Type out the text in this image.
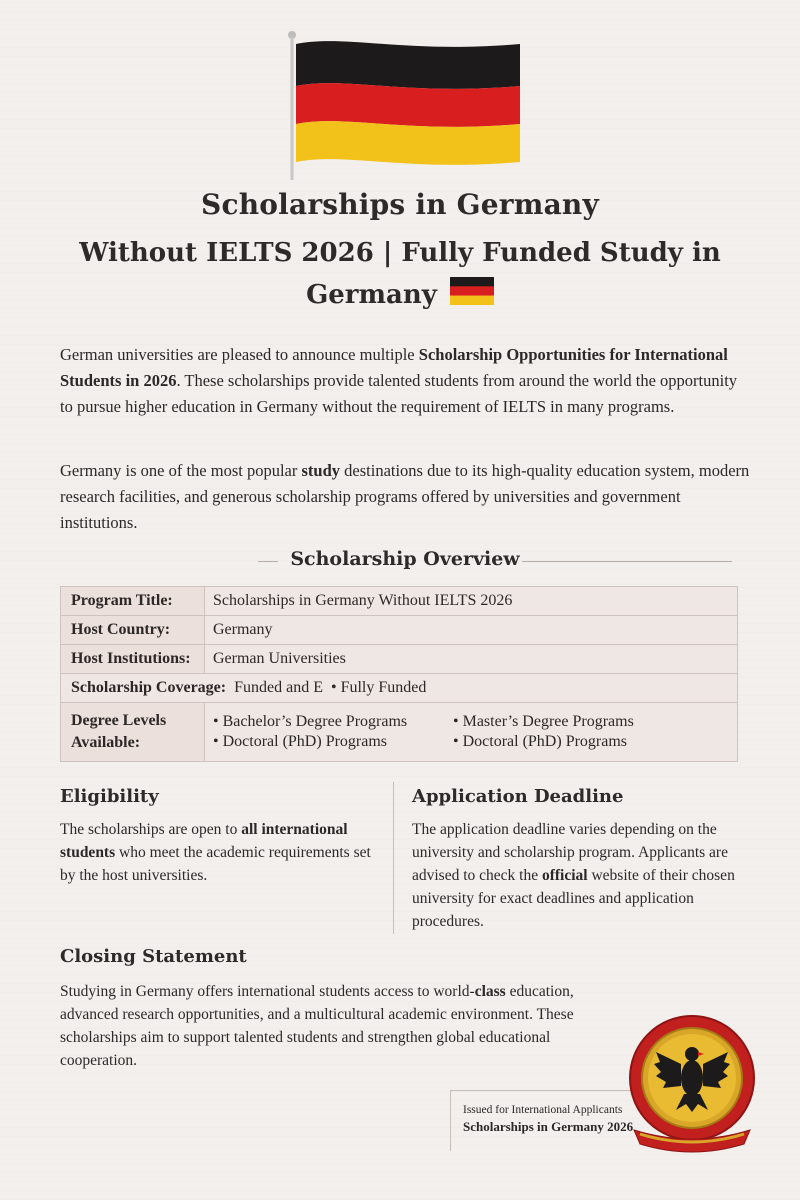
Scholarships in Germany
Without IELTS 2026 | Fully Funded Study in
Germany

German universities are pleased to announce multiple Scholarship Opportunities for International Students in 2026. These scholarships provide talented students from around the world the opportunity to pursue higher education in Germany without the requirement of IELTS in many programs.

Germany is one of the most popular study destinations due to its high-quality education system, modern research facilities, and generous scholarship programs offered by universities and government institutions.

Scholarship Overview
Program Title:	Scholarships in Germany Without IELTS 2026
Host Country:	Germany
Host Institutions:	German Universities
Scholarship Coverage: Funded and E • Fully Funded	
Degree Levels Available:	• Bachelor’s Degree Programs • Master’s Degree Programs
• Doctoral (PhD) Programs • Doctoral (PhD) Programs
Eligibility

The scholarships are open to all international students who meet the academic requirements set by the host universities.

Application Deadline

The application deadline varies depending on the university and scholarship program. Applicants are advised to check the official website of their chosen university for exact deadlines and application procedures.

Closing Statement

Studying in Germany offers international students access to world-class education, advanced research opportunities, and a multicultural academic environment. These scholarships aim to support talented students and strengthen global educational cooperation.

Issued for International Applicants
Scholarships in Germany 2026
